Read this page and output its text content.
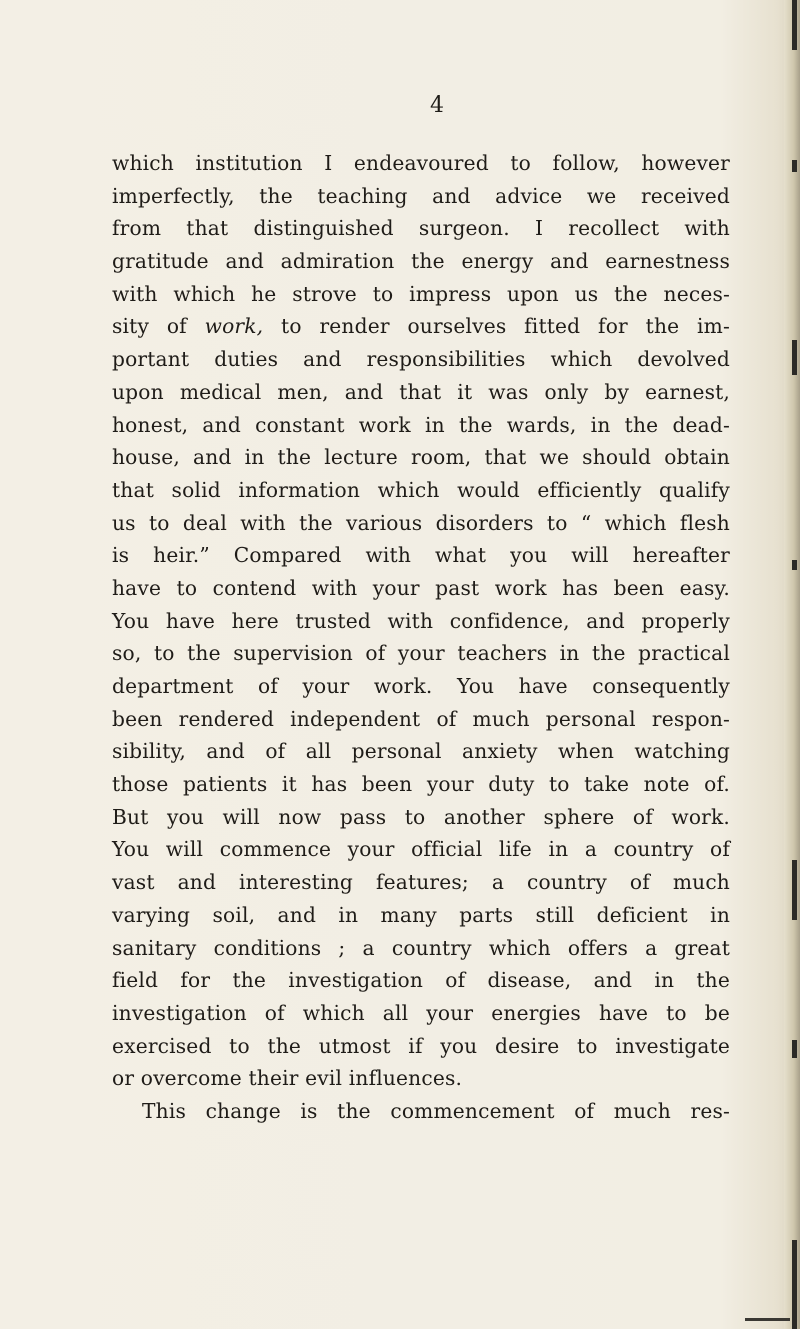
4
which institution I endeavoured to follow, however
imperfectly, the teaching and advice we received
from that distinguished surgeon. I recollect with
gratitude and admiration the energy and earnestness
with which he strove to impress upon us the neces-
sity of work, to render ourselves fitted for the im-
portant duties and responsibilities which devolved
upon medical men, and that it was only by earnest,
honest, and constant work in the wards, in the dead-
house, and in the lecture room, that we should obtain
that solid information which would efficiently qualify
us to deal with the various disorders to “ which flesh
is heir.” Compared with what you will hereafter
have to contend with your past work has been easy.
You have here trusted with confidence, and properly
so, to the supervision of your teachers in the practical
department of your work. You have consequently
been rendered independent of much personal respon-
sibility, and of all personal anxiety when watching
those patients it has been your duty to take note of.
But you will now pass to another sphere of work.
You will commence your official life in a country of
vast and interesting features; a country of much
varying soil, and in many parts still deficient in
sanitary conditions ; a country which offers a great
field for the investigation of disease, and in the
investigation of which all your energies have to be
exercised to the utmost if you desire to investigate
or overcome their evil influences.
This change is the commencement of much res-
